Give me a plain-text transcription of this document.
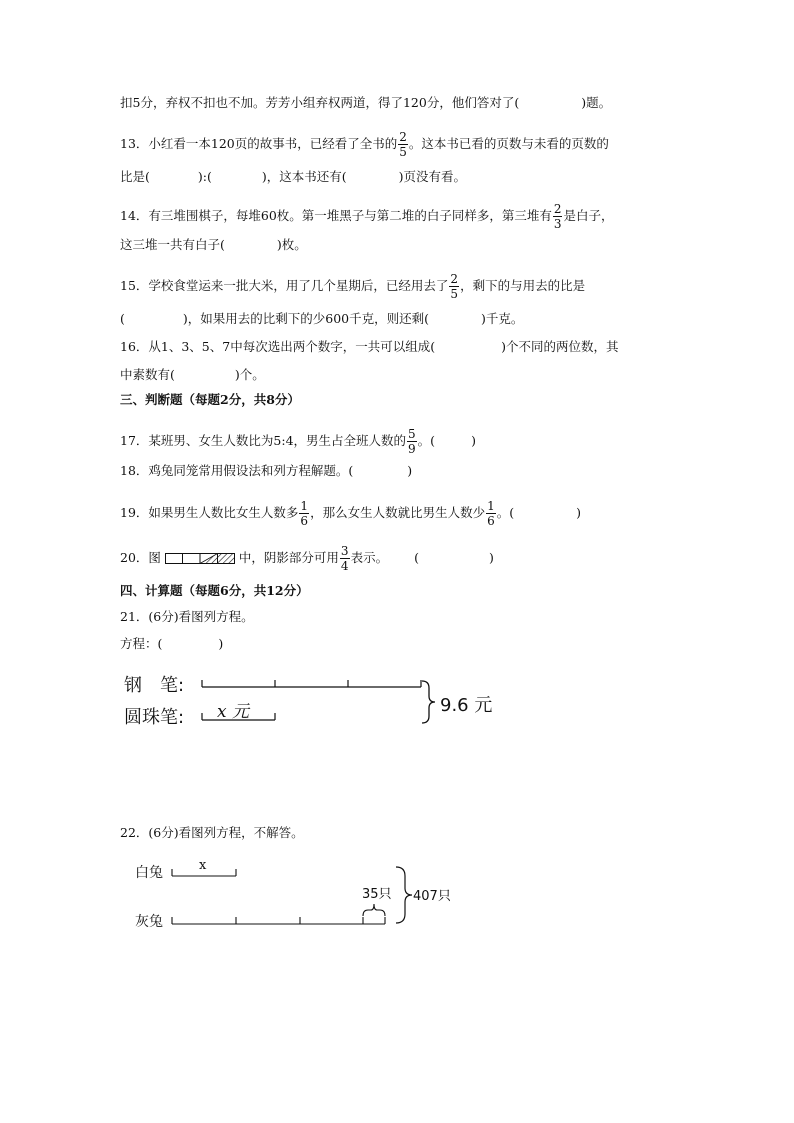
扣5分，弃权不扣也不加。芳芳小组弃权两道，得了120分，他们答对了(	)题。
13．小红看一本120页的故事书，已经看了全书的 $\frac{2}{5}$ 。这本书已看的页数与未看的页数的
比是(	):(	)，这本书还有(	)页没有看。
14．有三堆围棋子，每堆60枚。第一堆黑子与第二堆的白子同样多，第三堆有 $\frac{2}{3}$ 是白子，
这三堆一共有白子(	)枚。
15．学校食堂运来一批大米，用了几个星期后，已经用去了 $\frac{2}{5}$ ，剩下的与用去的比是
(	)，如果用去的比剩下的少600千克，则还剩(	)千克。
16．从1、3、5、7中每次选出两个数字，一共可以组成(	)个不同的两位数，其
中素数有(	)个。
三、判断题（每题2分，共8分）
17．某班男、女生人数比为5:4，男生占全班人数的 $\frac{5}{9}$ 。(	)
18．鸡兔同笼常用假设法和列方程解题。(	)
19．如果男生人数比女生人数多 $\frac{1}{6}$ ，那么女生人数就比男生人数少 $\frac{1}{6}$ 。(	)
20．图	中，阴影部分可用 $\frac{3}{4}$ 表示。 (	)
四、计算题（每题6分，共12分）
21．(6分)看图列方程。
方程：(	)
钢　笔:
圆珠笔: x 元	9.6 元
22．(6分)看图列方程，不解答。
白兔
灰兔
x
35只 407只
